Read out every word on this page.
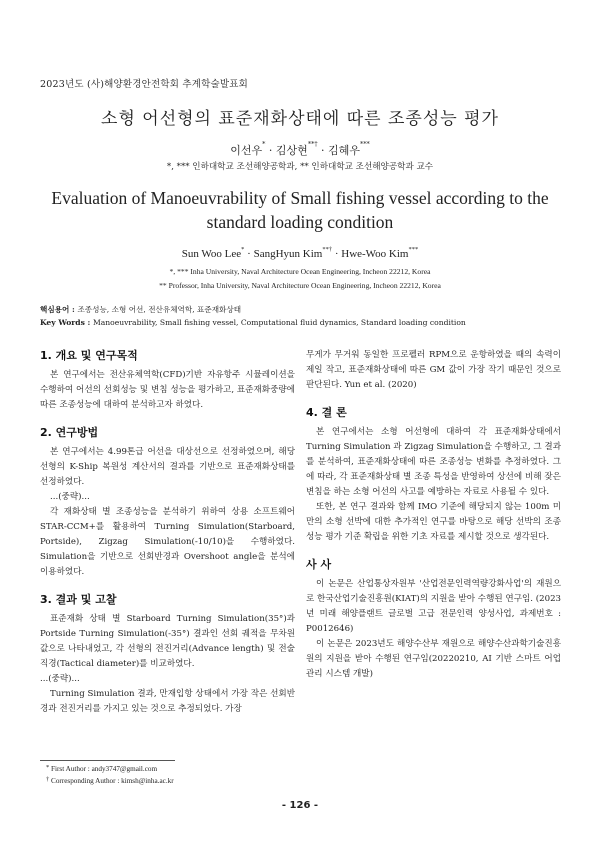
2023년도 (사)해양환경안전학회 추계학술발표회
소형 어선형의 표준재화상태에 따른 조종성능 평가
이선우* · 김상현**† · 김혜우***
*, *** 인하대학교 조선해양공학과, ** 인하대학교 조선해양공학과 교수
Evaluation of Manoeuvrability of Small fishing vessel according to the standard loading condition
Sun Woo Lee* · SangHyun Kim**† · Hwe-Woo Kim***
*, *** Inha University, Naval Architecture Ocean Engineering, Incheon 22212, Korea
** Professor, Inha University, Naval Architecture Ocean Engineering, Incheon 22212, Korea
핵심용어 : 조종성능, 소형 어선, 전산유체역학, 표준재화상태
Key Words : Manoeuvrability, Small fishing vessel, Computational fluid dynamics, Standard loading condition
1. 개요 및 연구목적

본 연구에서는 전산유체역학(CFD)기반 자유항주 시뮬레이션을 수행하여 어선의 선회성능 및 변침 성능을 평가하고, 표준재화중량에 따른 조종성능에 대하여 분석하고자 하였다.

2. 연구방법

본 연구에서는 4.99톤급 어선을 대상선으로 선정하였으며, 해당 선형의 K-Ship 복원성 계산서의 결과를 기반으로 표준재화상태를 선정하였다.

...(중략)...

각 재화상태 별 조종성능을 분석하기 위하여 상용 소프트웨어 STAR-CCM+를 활용하여 Turning Simulation(Starboard, Portside), Zigzag Simulation(-10/10)을 수행하였다. Simulation을 기반으로 선회반경과 Overshoot angle을 분석에 이용하였다.

3. 결과 및 고찰

표준재화 상태 별 Starboard Turning Simulation(35°)과 Portside Turning Simulation(-35°) 결과인 선회 궤적을 무차원 값으로 나타내었고, 각 선형의 전진거리(Advance length) 및 전술직경(Tactical diameter)를 비교하였다.

...(중략)...

Turning Simulation 결과, 만재입항 상태에서 가장 작은 선회반경과 전진거리를 가지고 있는 것으로 추정되었다. 가장

무게가 무거워 동일한 프로펠러 RPM으로 운항하였을 때의 속력이 제일 작고, 표준재화상태에 따른 GM 값이 가장 작기 때문인 것으로 판단된다. Yun et al. (2020)

4. 결 론

본 연구에서는 소형 어선형에 대하여 각 표준재화상태에서 Turning Simulation 과 Zigzag Simulation을 수행하고, 그 결과를 분석하여, 표준재화상태에 따른 조종성능 변화를 추정하였다. 그에 따라, 각 표준재화상태 별 조종 특성을 반영하여 상선에 비해 잦은 변침을 하는 소형 어선의 사고를 예방하는 자료로 사용될 수 있다.

또한, 본 연구 결과와 함께 IMO 기준에 해당되지 않는 100m 미만의 소형 선박에 대한 추가적인 연구를 바탕으로 해당 선박의 조종성능 평가 기준 확립을 위한 기초 자료를 제시할 것으로 생각된다.

사 사

이 논문은 산업통상자원부 '산업전문인력역량강화사업'의 재원으로 한국산업기술진흥원(KIAT)의 지원을 받아 수행된 연구임. (2023년 미래 해양플랜트 글로벌 고급 전문인력 양성사업, 과제번호 : P0012646)

이 논문은 2023년도 해양수산부 재원으로 해양수산과학기술진흥원의 지원을 받아 수행된 연구임(20220210, AI 기반 스마트 어업관리 시스템 개발)

* First Author : andy3747@gmail.com
† Corresponding Author : kimsh@inha.ac.kr
- 126 -
